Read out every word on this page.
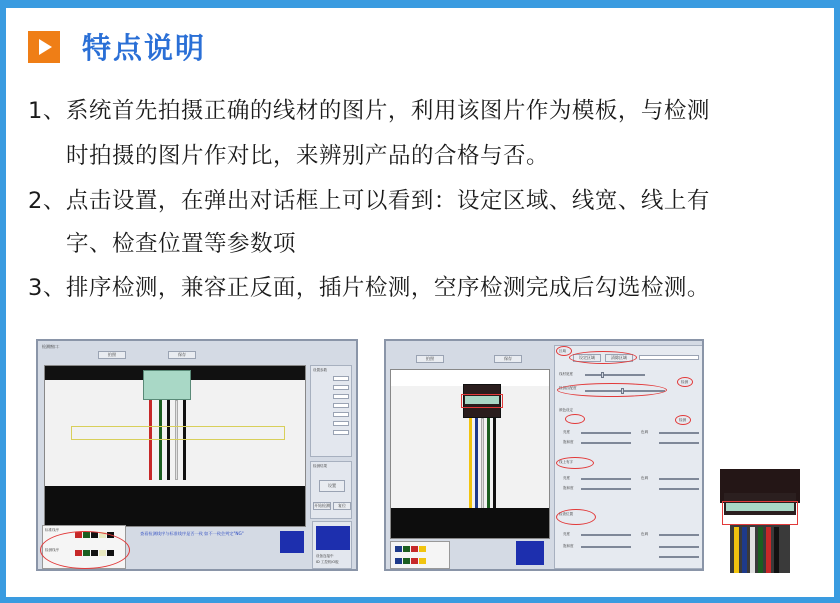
特点说明
1、系统首先拍摄正确的线材的图片，利用该图片作为模板，与检测
时拍摄的图片作对比，来辨别产品的合格与否。
2、点击设置，在弹出对话框上可以看到：设定区域、线宽、线上有
字、检查位置等参数项
3、排序检测，兼容正反面，插片检测，空序检测完成后勾选检测。
检测窗口：
拍照	保存
设置参数
检测结果
设置
开始检测	复位
标准线序
检测线序
查看检测线序与标准线序是否一致 如不一致会判定"NG"
设备连接中
ID 工控机IO板
拍照	保存
区域
设定区域	清除区域
线材宽度
检测
检测匹配度
颜色设定
检测
亮度	色调
饱和度
线上有字
亮度	色调
饱和度
检查位置
亮度	色调
饱和度
